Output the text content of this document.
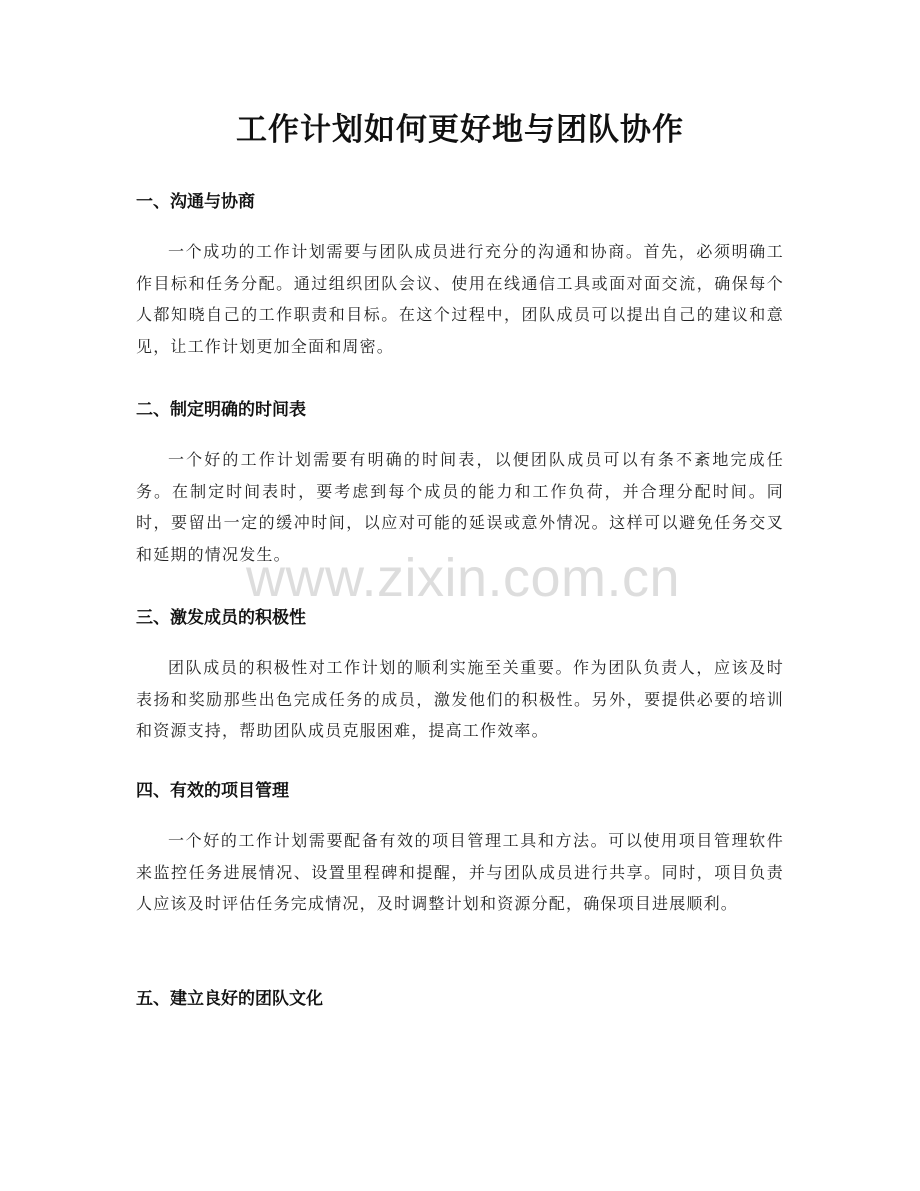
工作计划如何更好地与团队协作
一、沟通与协商
一个成功的工作计划需要与团队成员进行充分的沟通和协商。首先，必须明确工作目标和任务分配。通过组织团队会议、使用在线通信工具或面对面交流，确保每个人都知晓自己的工作职责和目标。在这个过程中，团队成员可以提出自己的建议和意见，让工作计划更加全面和周密。
二、制定明确的时间表
一个好的工作计划需要有明确的时间表，以便团队成员可以有条不紊地完成任务。在制定时间表时，要考虑到每个成员的能力和工作负荷，并合理分配时间。同时，要留出一定的缓冲时间，以应对可能的延误或意外情况。这样可以避免任务交叉和延期的情况发生。
三、激发成员的积极性
团队成员的积极性对工作计划的顺利实施至关重要。作为团队负责人，应该及时表扬和奖励那些出色完成任务的成员，激发他们的积极性。另外，要提供必要的培训和资源支持，帮助团队成员克服困难，提高工作效率。
四、有效的项目管理
一个好的工作计划需要配备有效的项目管理工具和方法。可以使用项目管理软件来监控任务进展情况、设置里程碑和提醒，并与团队成员进行共享。同时，项目负责人应该及时评估任务完成情况，及时调整计划和资源分配，确保项目进展顺利。
五、建立良好的团队文化
www.zixin.com.cn
